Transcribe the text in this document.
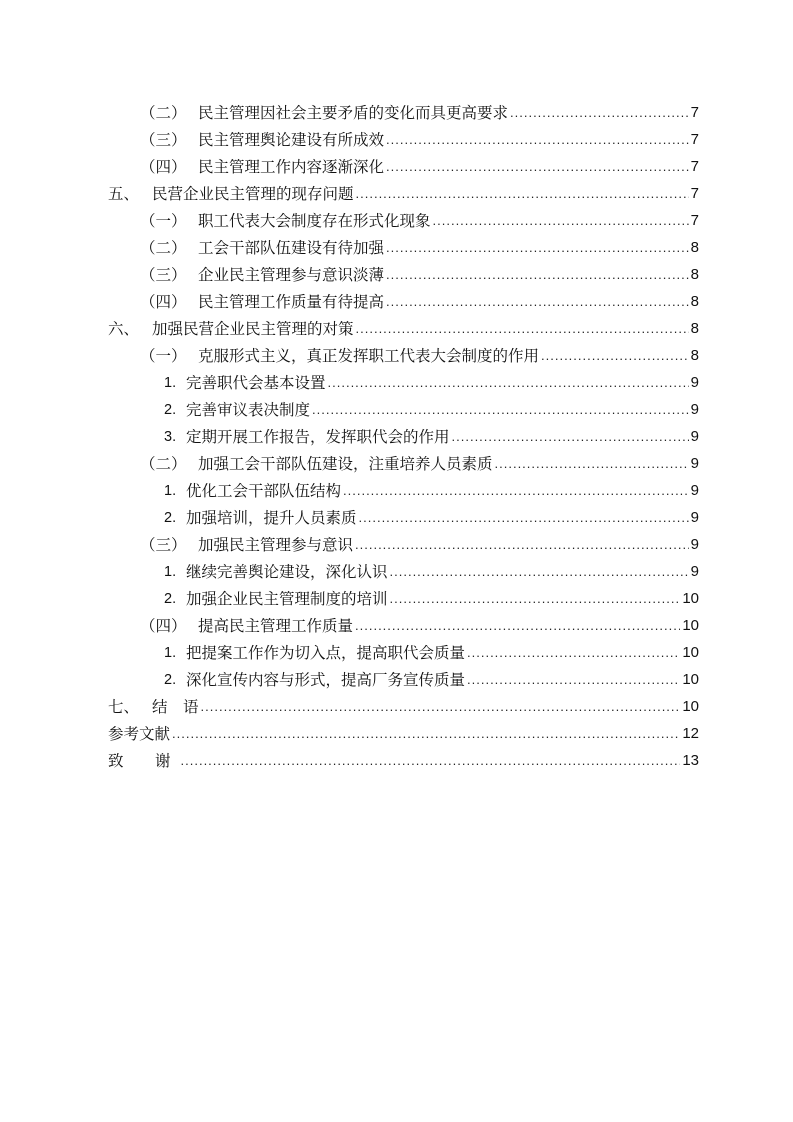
（二） 民主管理因社会主要矛盾的变化而具更高要求 .....	7
（三） 民主管理舆论建设有所成效 .....	7
（四） 民主管理工作内容逐渐深化 .....	7
五、 民营企业民主管理的现存问题 .....	7
（一） 职工代表大会制度存在形式化现象 .....	7
（二） 工会干部队伍建设有待加强 .....	8
（三） 企业民主管理参与意识淡薄 .....	8
（四） 民主管理工作质量有待提高 .....	8
六、 加强民营企业民主管理的对策 .....	8
（一） 克服形式主义，真正发挥职工代表大会制度的作用 .....	8
1. 完善职代会基本设置 .....	9
2. 完善审议表决制度 .....	9
3. 定期开展工作报告，发挥职代会的作用 .....	9
（二） 加强工会干部队伍建设，注重培养人员素质 .....	9
1. 优化工会干部队伍结构 .....	9
2. 加强培训，提升人员素质 .....	9
（三） 加强民主管理参与意识 .....	9
1. 继续完善舆论建设，深化认识 .....	9
2. 加强企业民主管理制度的培训 .....	10
（四） 提高民主管理工作质量 .....	10
1. 把提案工作作为切入点，提高职代会质量 .....	10
2. 深化宣传内容与形式，提高厂务宣传质量 .....	10
七、 结　语 .....	10
参考文献 .....	12
致　谢 .....	13
